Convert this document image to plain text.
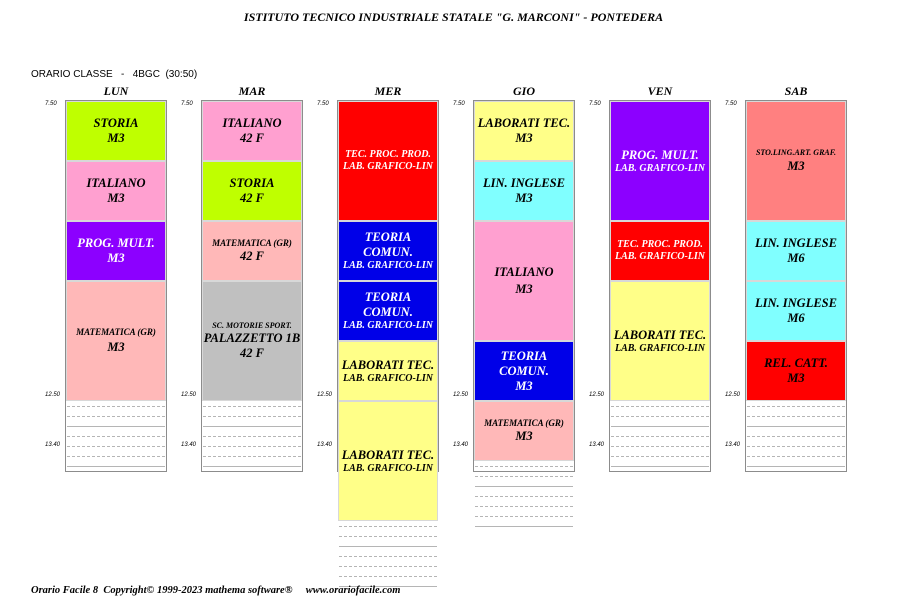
ISTITUTO TECNICO INDUSTRIALE STATALE "G. MARCONI" - PONTEDERA
ORARIO CLASSE   -   4BGC  (30:50)
LUN
STORIA
M3
ITALIANO
M3
PROG. MULT.
M3
MATEMATICA (GR)
M3
7.50
12.50
13.40
MAR
ITALIANO
42 F
STORIA
42 F
MATEMATICA (GR)
42 F
SC. MOTORIE SPORT.
PALAZZETTO 1B
42 F
7.50
12.50
13.40
MER
TEC. PROC. PROD.
LAB. GRAFICO-LIN
TEORIA COMUN.
LAB. GRAFICO-LIN
TEORIA COMUN.
LAB. GRAFICO-LIN
LABORATI TEC.
LAB. GRAFICO-LIN
LABORATI TEC.
LAB. GRAFICO-LIN
7.50
12.50
13.40
GIO
LABORATI TEC.
M3
LIN. INGLESE
M3
ITALIANO
M3
TEORIA COMUN.
M3
MATEMATICA (GR)
M3
7.50
12.50
13.40
VEN
PROG. MULT.
LAB. GRAFICO-LIN
TEC. PROC. PROD.
LAB. GRAFICO-LIN
LABORATI TEC.
LAB. GRAFICO-LIN
7.50
12.50
13.40
SAB
STO.LING.ART. GRAF.
M3
LIN. INGLESE
M6
LIN. INGLESE
M6
REL. CATT.
M3
7.50
12.50
13.40
Orario Facile 8  Copyright© 1999-2023 mathema software®     www.orariofacile.com
